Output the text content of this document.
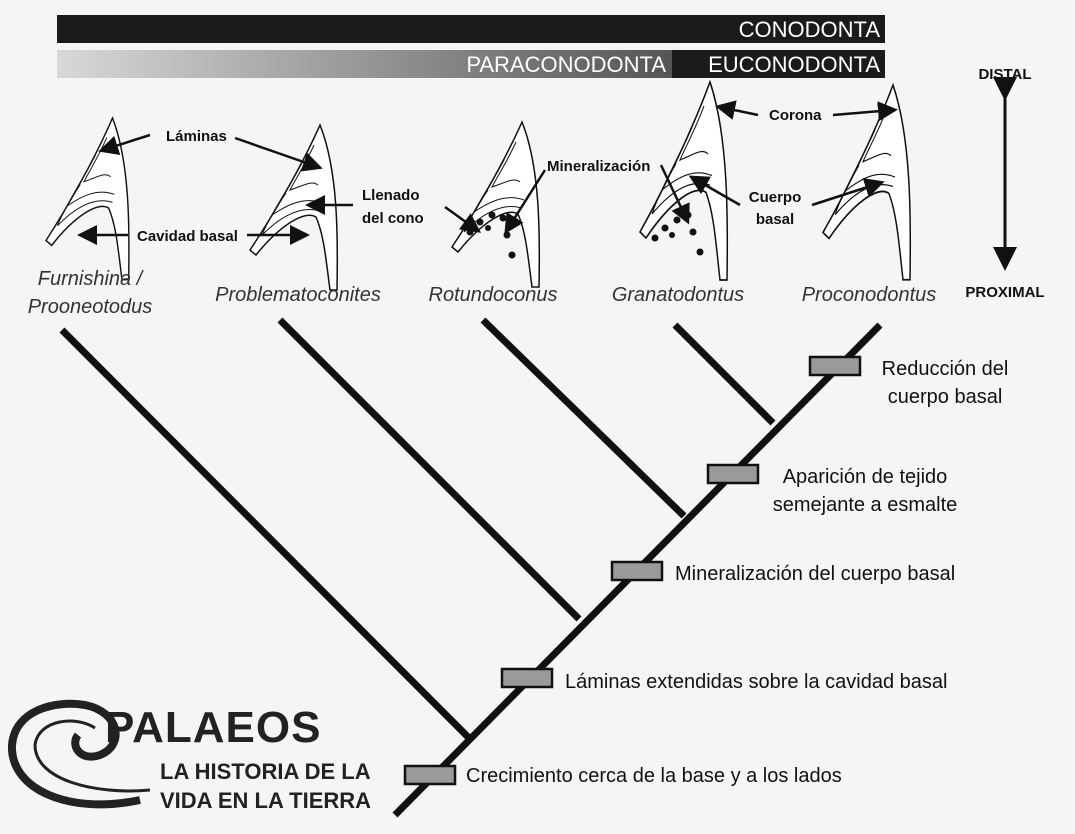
CONODONTA
PARACONODONTA EUCONODONTA
Láminas
Cavidad basal
Llenado
del cono
Mineralización
Corona
Cuerpo
basal
DISTAL
PROXIMAL
Furnishina /
Prooneotodus
Problematoconites Rotundoconus	Granatodontus	Proconodontus
Crecimiento cerca de la base y a los lados
Láminas extendidas sobre la cavidad basal
Mineralización del cuerpo basal
Aparición de tejido
semejante a esmalte
Reducción del
cuerpo basal
PALAEOS
LA HISTORIA DE LA
VIDA EN LA TIERRA
